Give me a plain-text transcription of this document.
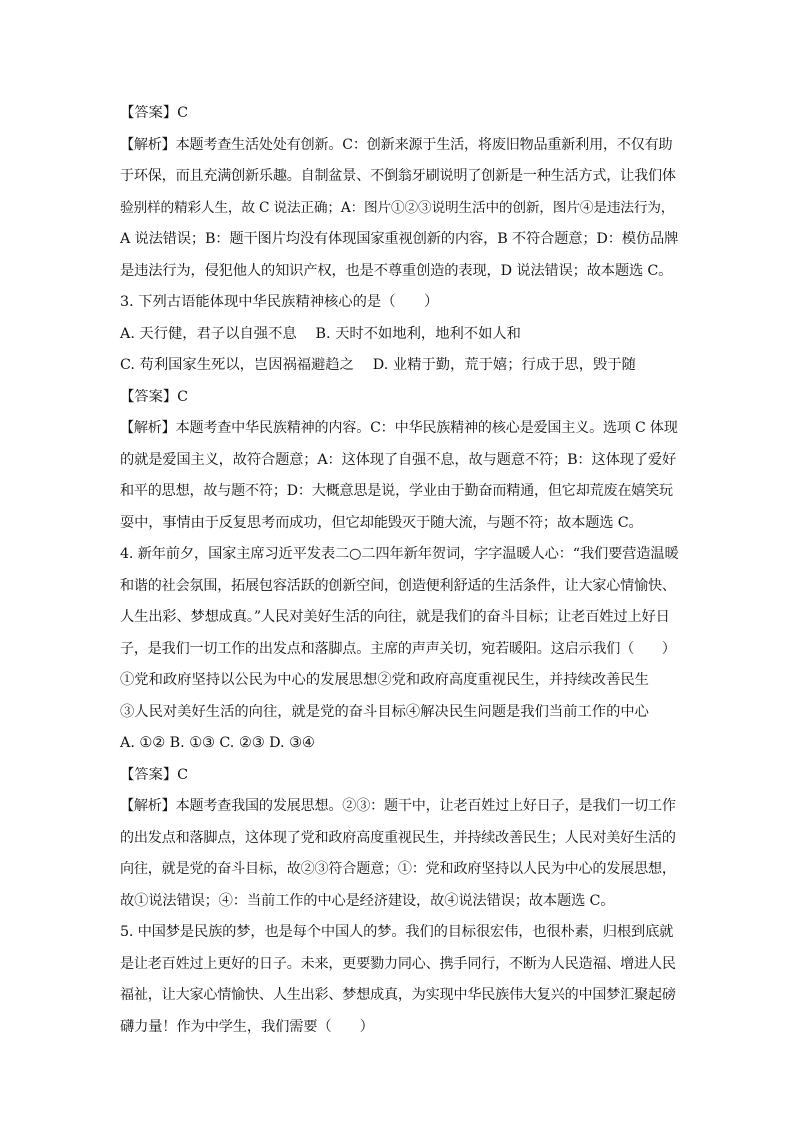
【答案】C
【解析】本题考查生活处处有创新。C：创新来源于生活，将废旧物品重新利用，不仅有助
于环保，而且充满创新乐趣。自制盆景、不倒翁牙刷说明了创新是一种生活方式，让我们体
验别样的精彩人生，故 C 说法正确；A：图片①②③说明生活中的创新，图片④是违法行为，
A 说法错误；B：题干图片均没有体现国家重视创新的内容，B 不符合题意；D：模仿品牌
是违法行为，侵犯他人的知识产权，也是不尊重创造的表现，D 说法错误；故本题选 C。
3. 下列古语能体现中华民族精神核心的是（　　）
A. 天行健，君子以自强不息　 B. 天时不如地利，地利不如人和
C. 苟利国家生死以，岂因祸福避趋之　 D. 业精于勤，荒于嬉；行成于思，毁于随
【答案】C
【解析】本题考查中华民族精神的内容。C：中华民族精神的核心是爱国主义。选项 C 体现
的就是爱国主义，故符合题意；A：这体现了自强不息，故与题意不符；B：这体现了爱好
和平的思想，故与题不符；D：大概意思是说，学业由于勤奋而精通，但它却荒废在嬉笑玩
耍中，事情由于反复思考而成功，但它却能毁灭于随大流，与题不符；故本题选 C。
4. 新年前夕，国家主席习近平发表二○二四年新年贺词，字字温暖人心：“我们要营造温暖
和谐的社会氛围，拓展包容活跃的创新空间，创造便利舒适的生活条件，让大家心情愉快、
人生出彩、梦想成真。”人民对美好生活的向往，就是我们的奋斗目标；让老百姓过上好日
子，是我们一切工作的出发点和落脚点。主席的声声关切，宛若暖阳。这启示我们（　　）
①党和政府坚持以公民为中心的发展思想②党和政府高度重视民生，并持续改善民生
③人民对美好生活的向往，就是党的奋斗目标④解决民生问题是我们当前工作的中心
A. ①② B. ①③ C. ②③ D. ③④
【答案】C
【解析】本题考查我国的发展思想。②③：题干中，让老百姓过上好日子，是我们一切工作
的出发点和落脚点，这体现了党和政府高度重视民生，并持续改善民生；人民对美好生活的
向往，就是党的奋斗目标，故②③符合题意；①：党和政府坚持以人民为中心的发展思想，
故①说法错误；④：当前工作的中心是经济建设，故④说法错误；故本题选 C。
5. 中国梦是民族的梦，也是每个中国人的梦。我们的目标很宏伟，也很朴素，归根到底就
是让老百姓过上更好的日子。未来，更要勠力同心、携手同行，不断为人民造福、增进人民
福祉，让大家心情愉快、人生出彩、梦想成真，为实现中华民族伟大复兴的中国梦汇聚起磅
礴力量！作为中学生，我们需要（　　）
